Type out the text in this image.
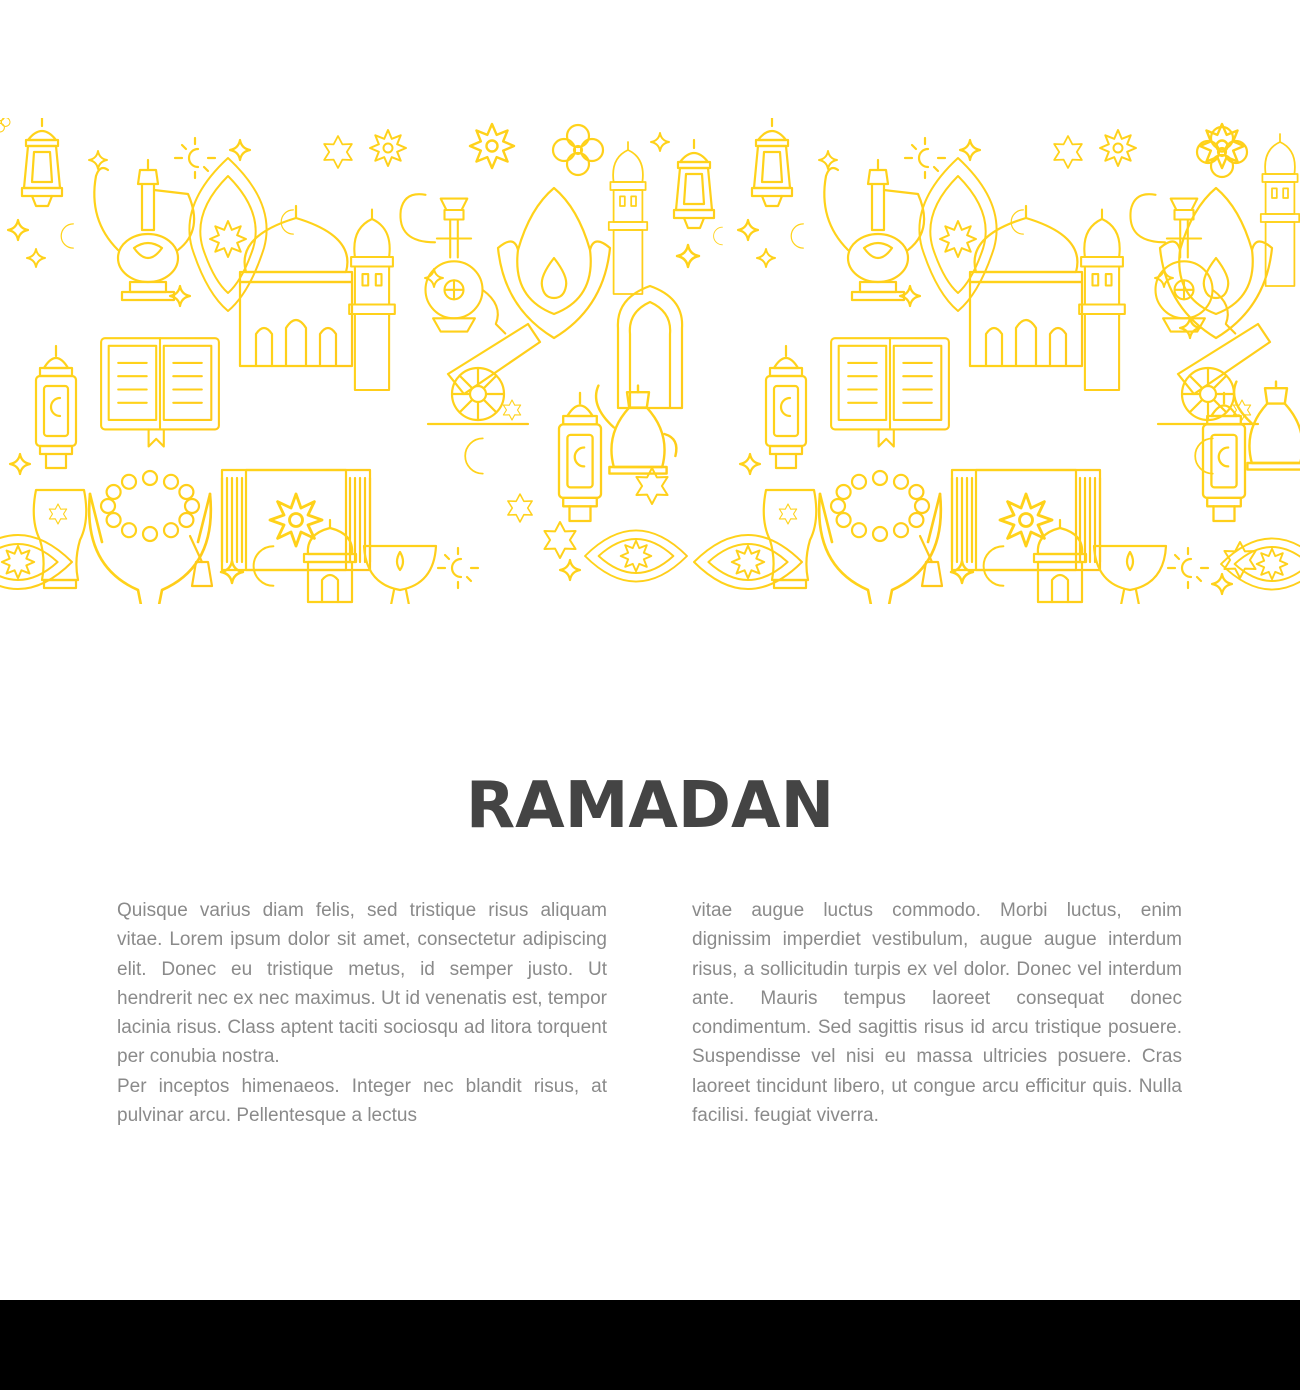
RAMADAN

Quisque varius diam felis, sed tristique risus aliquam vitae. Lorem ipsum dolor sit amet, consectetur adipiscing elit. Donec eu tristique metus, id semper justo. Ut hendrerit nec ex nec maximus. Ut id venenatis est, tempor lacinia risus. Class aptent taciti sociosqu ad litora torquent per conubia nostra.

Per inceptos himenaeos. Integer nec blandit risus, at pulvinar arcu. Pellentesque a lectus

vitae augue luctus commodo. Morbi luctus, enim dignissim imperdiet vestibulum, augue augue interdum risus, a sollicitudin turpis ex vel dolor. Donec vel interdum ante. Mauris tempus laoreet consequat donec condimentum. Sed sagittis risus id arcu tristique posuere. Suspendisse vel nisi eu massa ultricies posuere. Cras laoreet tincidunt libero, ut congue arcu efficitur quis. Nulla facilisi. feugiat viverra.
